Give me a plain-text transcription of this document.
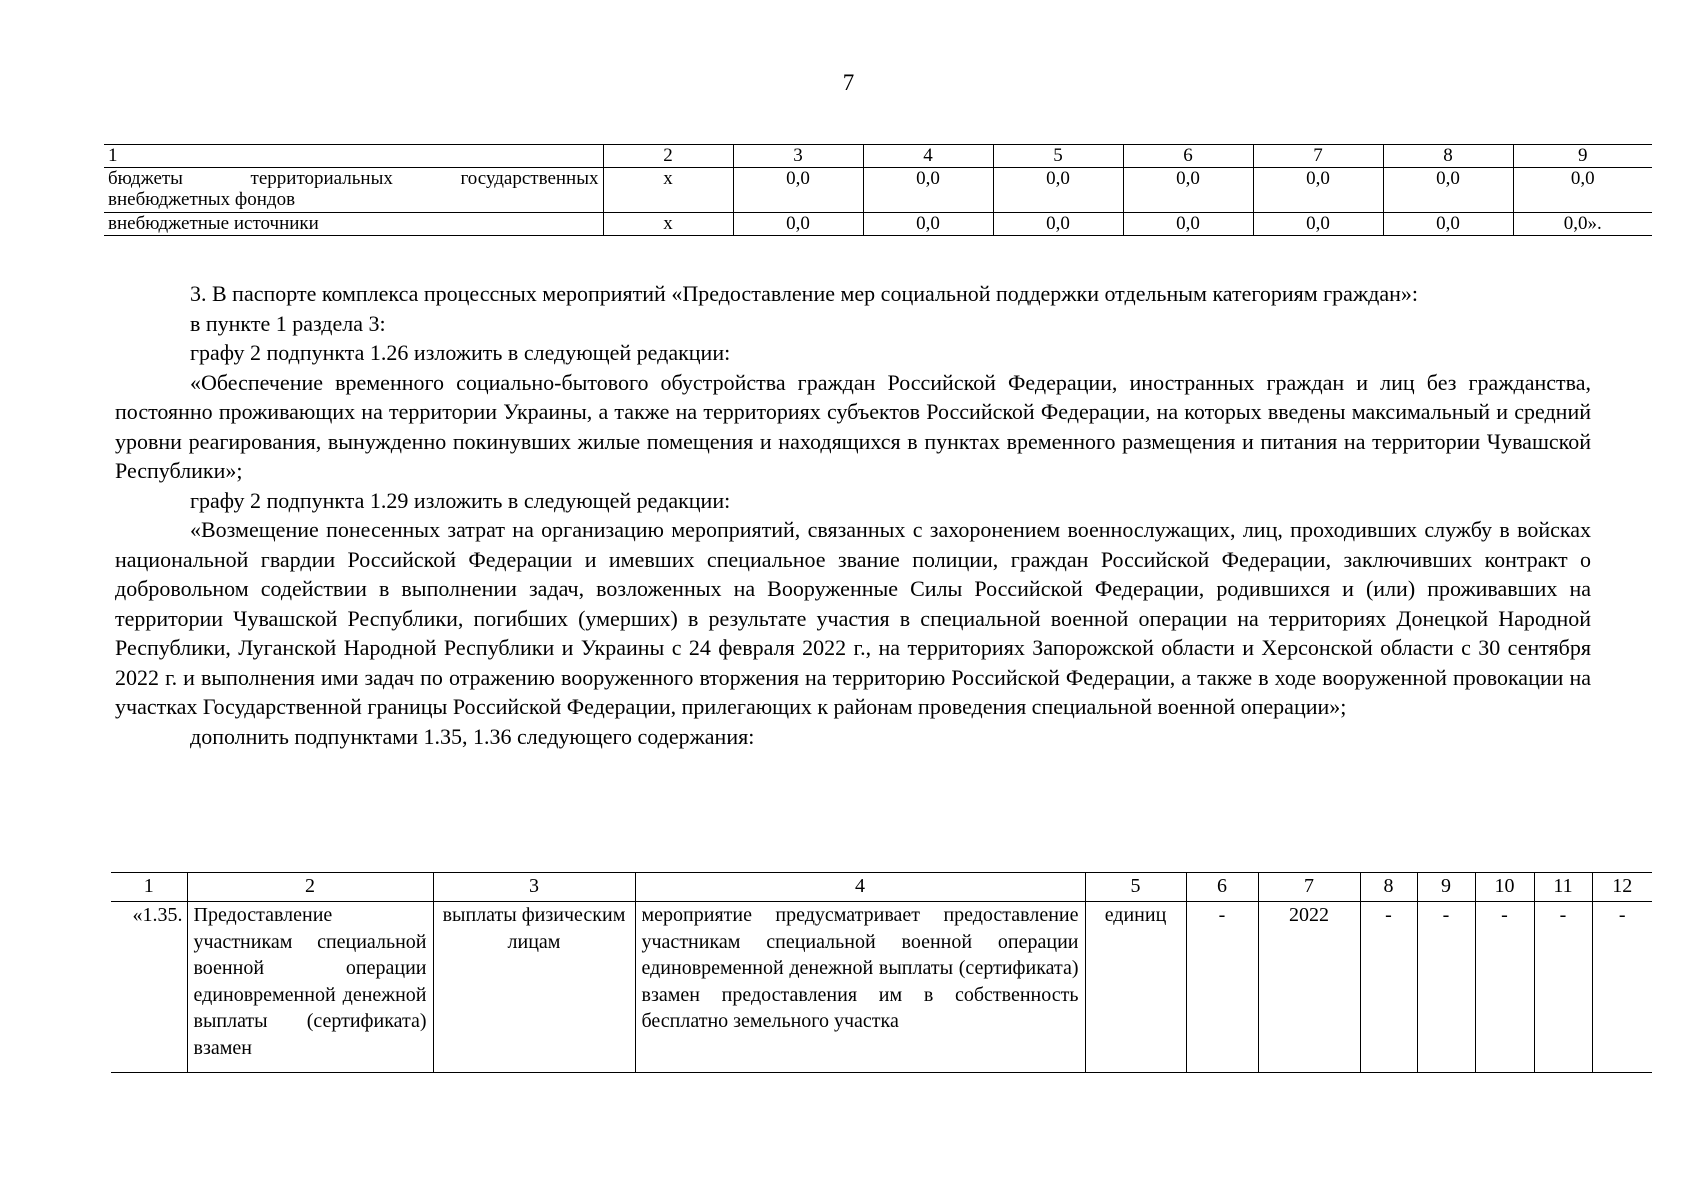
7
1	2	3	4	5	6	7	8	9

бюджеты территориальных государственных
внебюджетных фондов	х	0,0	0,0	0,0	0,0	0,0	0,0	0,0
внебюджетные источники	х	0,0	0,0	0,0	0,0	0,0	0,0	0,0».

3. В паспорте комплекса процессных мероприятий «Предоставление мер социальной поддержки отдельным категориям граждан»:

в пункте 1 раздела 3:

графу 2 подпункта 1.26 изложить в следующей редакции:

«Обеспечение временного социально-бытового обустройства граждан Российской Федерации, иностранных граждан и лиц без гражданства, постоянно проживающих на территории Украины, а также на территориях субъектов Российской Федерации, на которых введены максимальный и средний уровни реагирования, вынужденно покинувших жилые помещения и находящихся в пунктах временного размещения и питания на территории Чувашской Республики»;

графу 2 подпункта 1.29 изложить в следующей редакции:

«Возмещение понесенных затрат на организацию мероприятий, связанных с захоронением военнослужащих, лиц, проходивших службу в войсках национальной гвардии Российской Федерации и имевших специальное звание полиции, граждан Российской Федерации, заключивших контракт о добровольном содействии в выполнении задач, возложенных на Вооруженные Силы Российской Федерации, родившихся и (или) проживавших на территории Чувашской Республики, погибших (умерших) в результате участия в специальной военной операции на территориях Донецкой Народной Республики, Луганской Народной Республики и Украины с 24 февраля 2022 г., на территориях Запорожской области и Херсонской области с 30 сентября 2022 г. и выполнения ими задач по отражению вооруженного вторжения на территорию Российской Федерации, а также в ходе вооруженной провокации на участках Государственной границы Российской Федерации, прилегающих к районам проведения специальной военной операции»;

дополнить подпунктами 1.35, 1.36 следующего содержания:

1	2	3	4	5	6	7	8	9	10	11	12
«1.35.	Предоставление участникам специальной военной операции единовременной денежной выплаты (сертификата) взамен	выплаты физическим лицам	мероприятие предусматривает предоставление участникам специальной военной операции единовременной денежной выплаты (сертификата) взамен предоставления им в собственность бесплатно земельного участка	единиц	-	2022	-	-	-	-	-
